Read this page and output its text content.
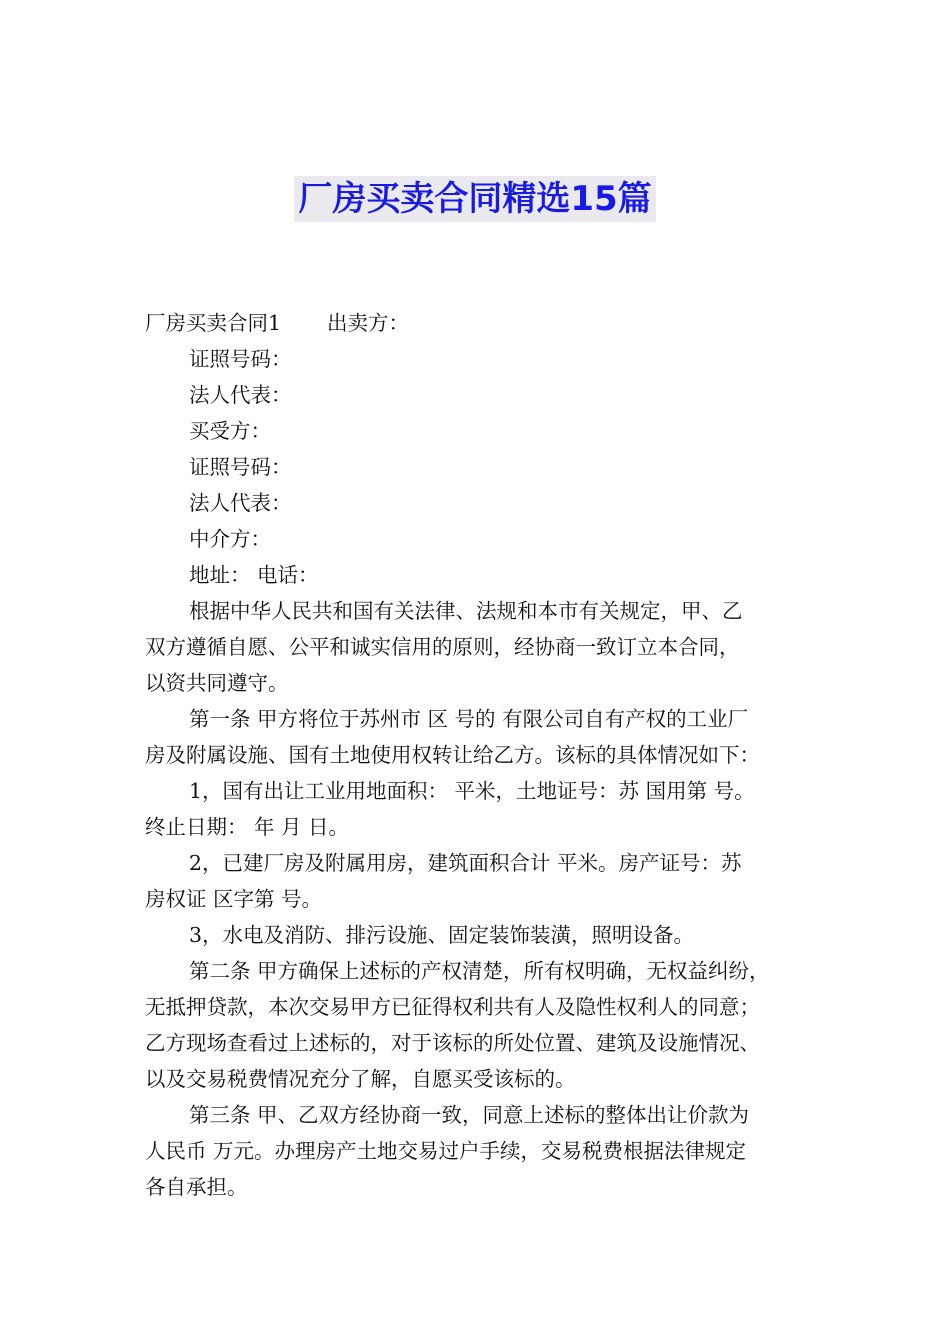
厂房买卖合同精选15篇
厂房买卖合同1 出卖方：
证照号码：
法人代表：
买受方：
证照号码：
法人代表：
中介方：
地址： 电话：
根据中华人民共和国有关法律、法规和本市有关规定，甲、乙
双方遵循自愿、公平和诚实信用的原则，经协商一致订立本合同，
以资共同遵守。
第一条 甲方将位于苏州市 区 号的 有限公司自有产权的工业厂
房及附属设施、国有土地使用权转让给乙方。该标的具体情况如下：
1，国有出让工业用地面积： 平米，土地证号：苏 国用第 号。
终止日期： 年 月 日。
2，已建厂房及附属用房，建筑面积合计 平米。房产证号：苏
房权证 区字第 号。
3，水电及消防、排污设施、固定装饰装潢，照明设备。
第二条 甲方确保上述标的产权清楚，所有权明确，无权益纠纷，
无抵押贷款，本次交易甲方已征得权利共有人及隐性权利人的同意；
乙方现场查看过上述标的，对于该标的所处位置、建筑及设施情况、
以及交易税费情况充分了解，自愿买受该标的。
第三条 甲、乙双方经协商一致，同意上述标的整体出让价款为
人民币 万元。办理房产土地交易过户手续，交易税费根据法律规定
各自承担。
